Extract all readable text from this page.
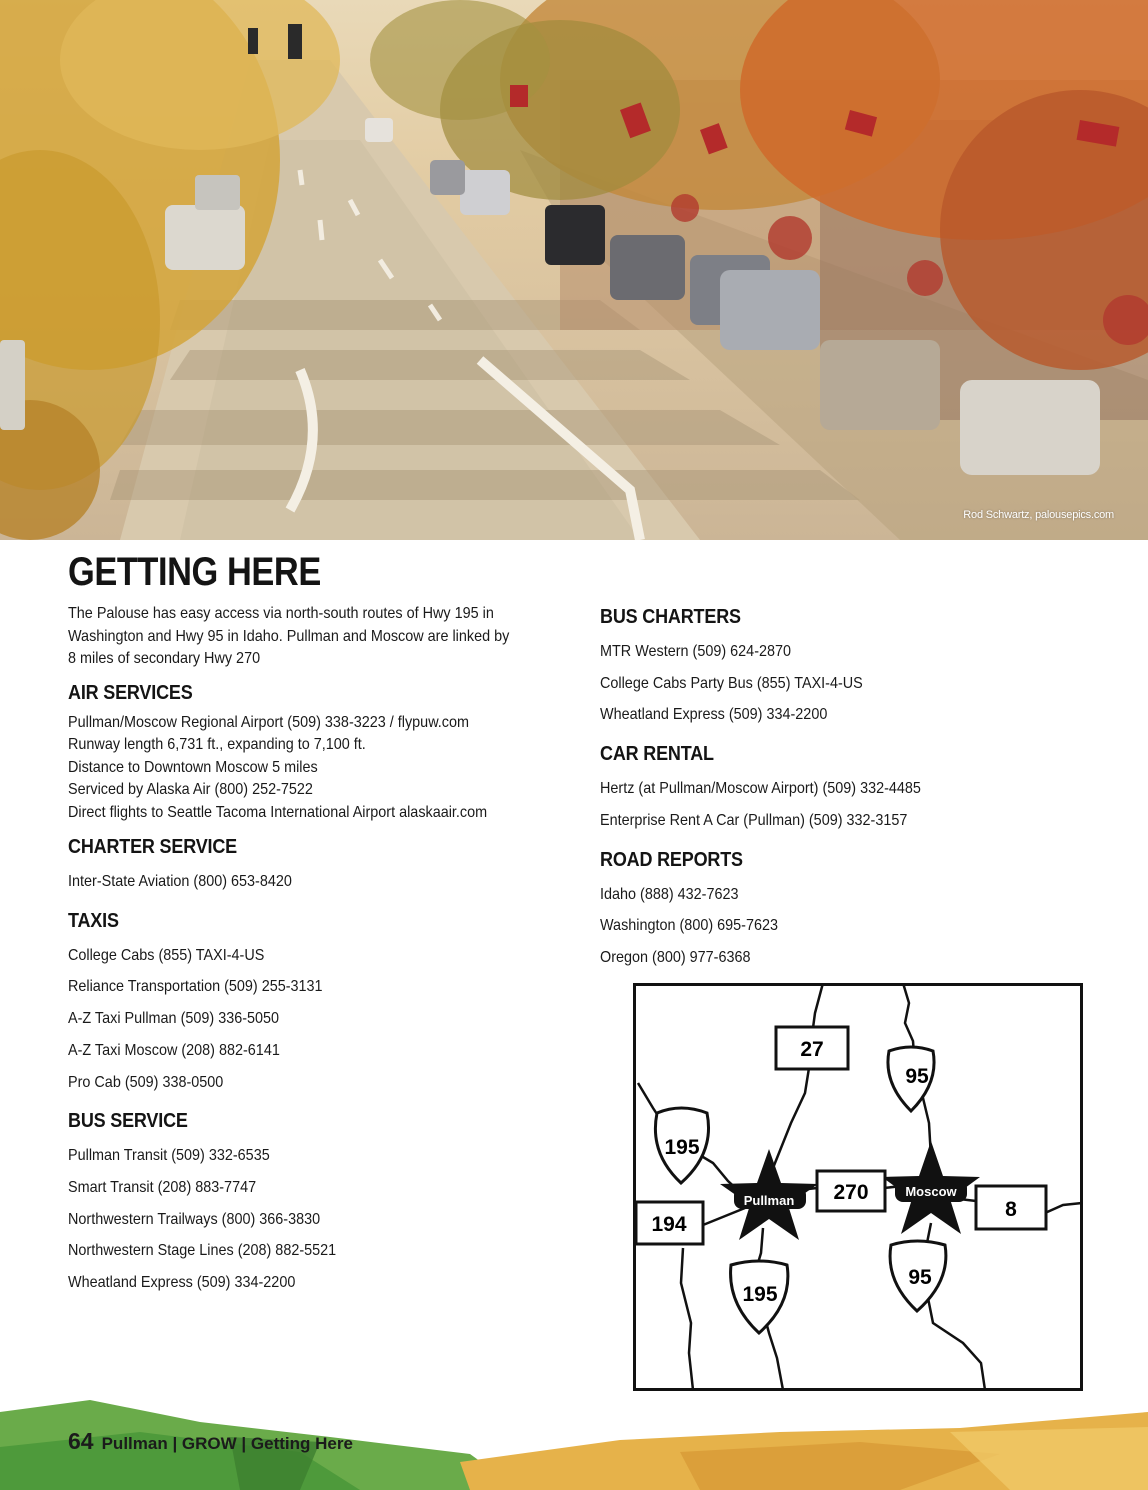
Rod Schwartz, palousepics.com
GETTING HERE
The Palouse has easy access via north-south routes of Hwy 195 in
Washington and Hwy 95 in Idaho. Pullman and Moscow are linked by
8 miles of secondary Hwy 270
AIR SERVICES
Pullman/Moscow Regional Airport (509) 338-3223 / flypuw.com
Runway length 6,731 ft., expanding to 7,100 ft.
Distance to Downtown Moscow 5 miles
Serviced by Alaska Air (800) 252-7522
Direct flights to Seattle Tacoma International Airport alaskaair.com
CHARTER SERVICE
Inter-State Aviation (800) 653-8420
TAXIS
College Cabs (855) TAXI-4-US
Reliance Transportation (509) 255-3131
A-Z Taxi Pullman (509) 336-5050
A-Z Taxi Moscow (208) 882-6141
Pro Cab (509) 338-0500
BUS SERVICE
Pullman Transit (509) 332-6535
Smart Transit (208) 883-7747
Northwestern Trailways (800) 366-3830
Northwestern Stage Lines (208) 882-5521
Wheatland Express (509) 334-2200
BUS CHARTERS
MTR Western (509) 624-2870
College Cabs Party Bus (855) TAXI-4-US
Wheatland Express (509) 334-2200
CAR RENTAL
Hertz (at Pullman/Moscow Airport) (509) 332-4485
Enterprise Rent A Car (Pullman) (509) 332-3157
ROAD REPORTS
Idaho (888) 432-7623
Washington (800) 695-7623
Oregon (800) 977-6368
Pullman
Moscow
27
270
194
8
95
195
195
95
64 Pullman | GROW | Getting Here
